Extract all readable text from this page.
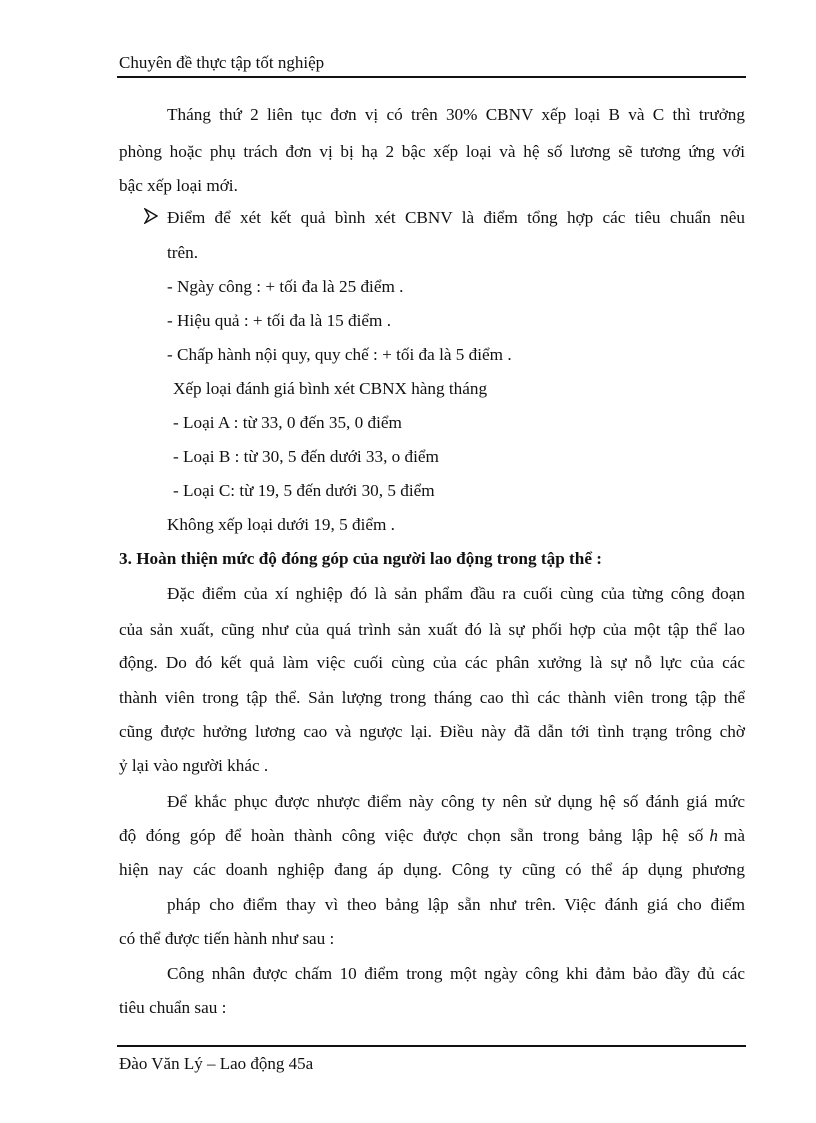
Chuyên đề thực tập tốt nghiệp
Tháng thứ 2 liên tục đơn vị có trên 30% CBNV xếp loại B và C thì trưởng
phòng hoặc phụ trách đơn vị bị hạ 2 bậc xếp loại và hệ số lương sẽ tương ứng với
bậc xếp loại mới.
Điểm để xét kết quả bình xét CBNV là điểm tổng hợp các tiêu chuẩn nêu
trên.
- Ngày công : + tối đa là 25 điểm .
- Hiệu quả : + tối đa là 15 điểm .
- Chấp hành nội quy, quy chế : + tối đa là 5 điểm .
Xếp loại đánh giá bình xét CBNX hàng tháng
- Loại A : từ 33, 0 đến 35, 0 điểm
- Loại B : từ 30, 5 đến dưới 33, o điểm
- Loại C: từ 19, 5 đến dưới 30, 5 điểm
Không xếp loại dưới 19, 5 điểm .
3. Hoàn thiện mức độ đóng góp của người lao động trong tập thể :
Đặc điểm của xí nghiệp đó là sản phẩm đầu ra cuối cùng của từng công đoạn
của sản xuất, cũng như của quá trình sản xuất đó là sự phối hợp của một tập thể lao
động. Do đó kết quả làm việc cuối cùng của các phân xưởng là sự nỗ lực của các
thành viên trong tập thể. Sản lượng trong tháng cao thì các thành viên trong tập thể
cũng được hưởng lương cao và ngược lại. Điều này đã dẫn tới tình trạng trông chờ
ỷ lại vào người khác .
Để khắc phục được nhược điểm này công ty nên sử dụng hệ số đánh giá mức
độ đóng góp để hoàn thành công việc được chọn sẵn trong bảng lập hệ số h mà
hiện nay các doanh nghiệp đang áp dụng. Công ty cũng có thể áp dụng phương
pháp cho điểm thay vì theo bảng lập sẵn như trên. Việc đánh giá cho điểm
có thể được tiến hành như sau :
Công nhân được chấm 10 điểm trong một ngày công khi đảm bảo đầy đủ các
tiêu chuẩn sau :
Đào Văn Lý – Lao động 45a
